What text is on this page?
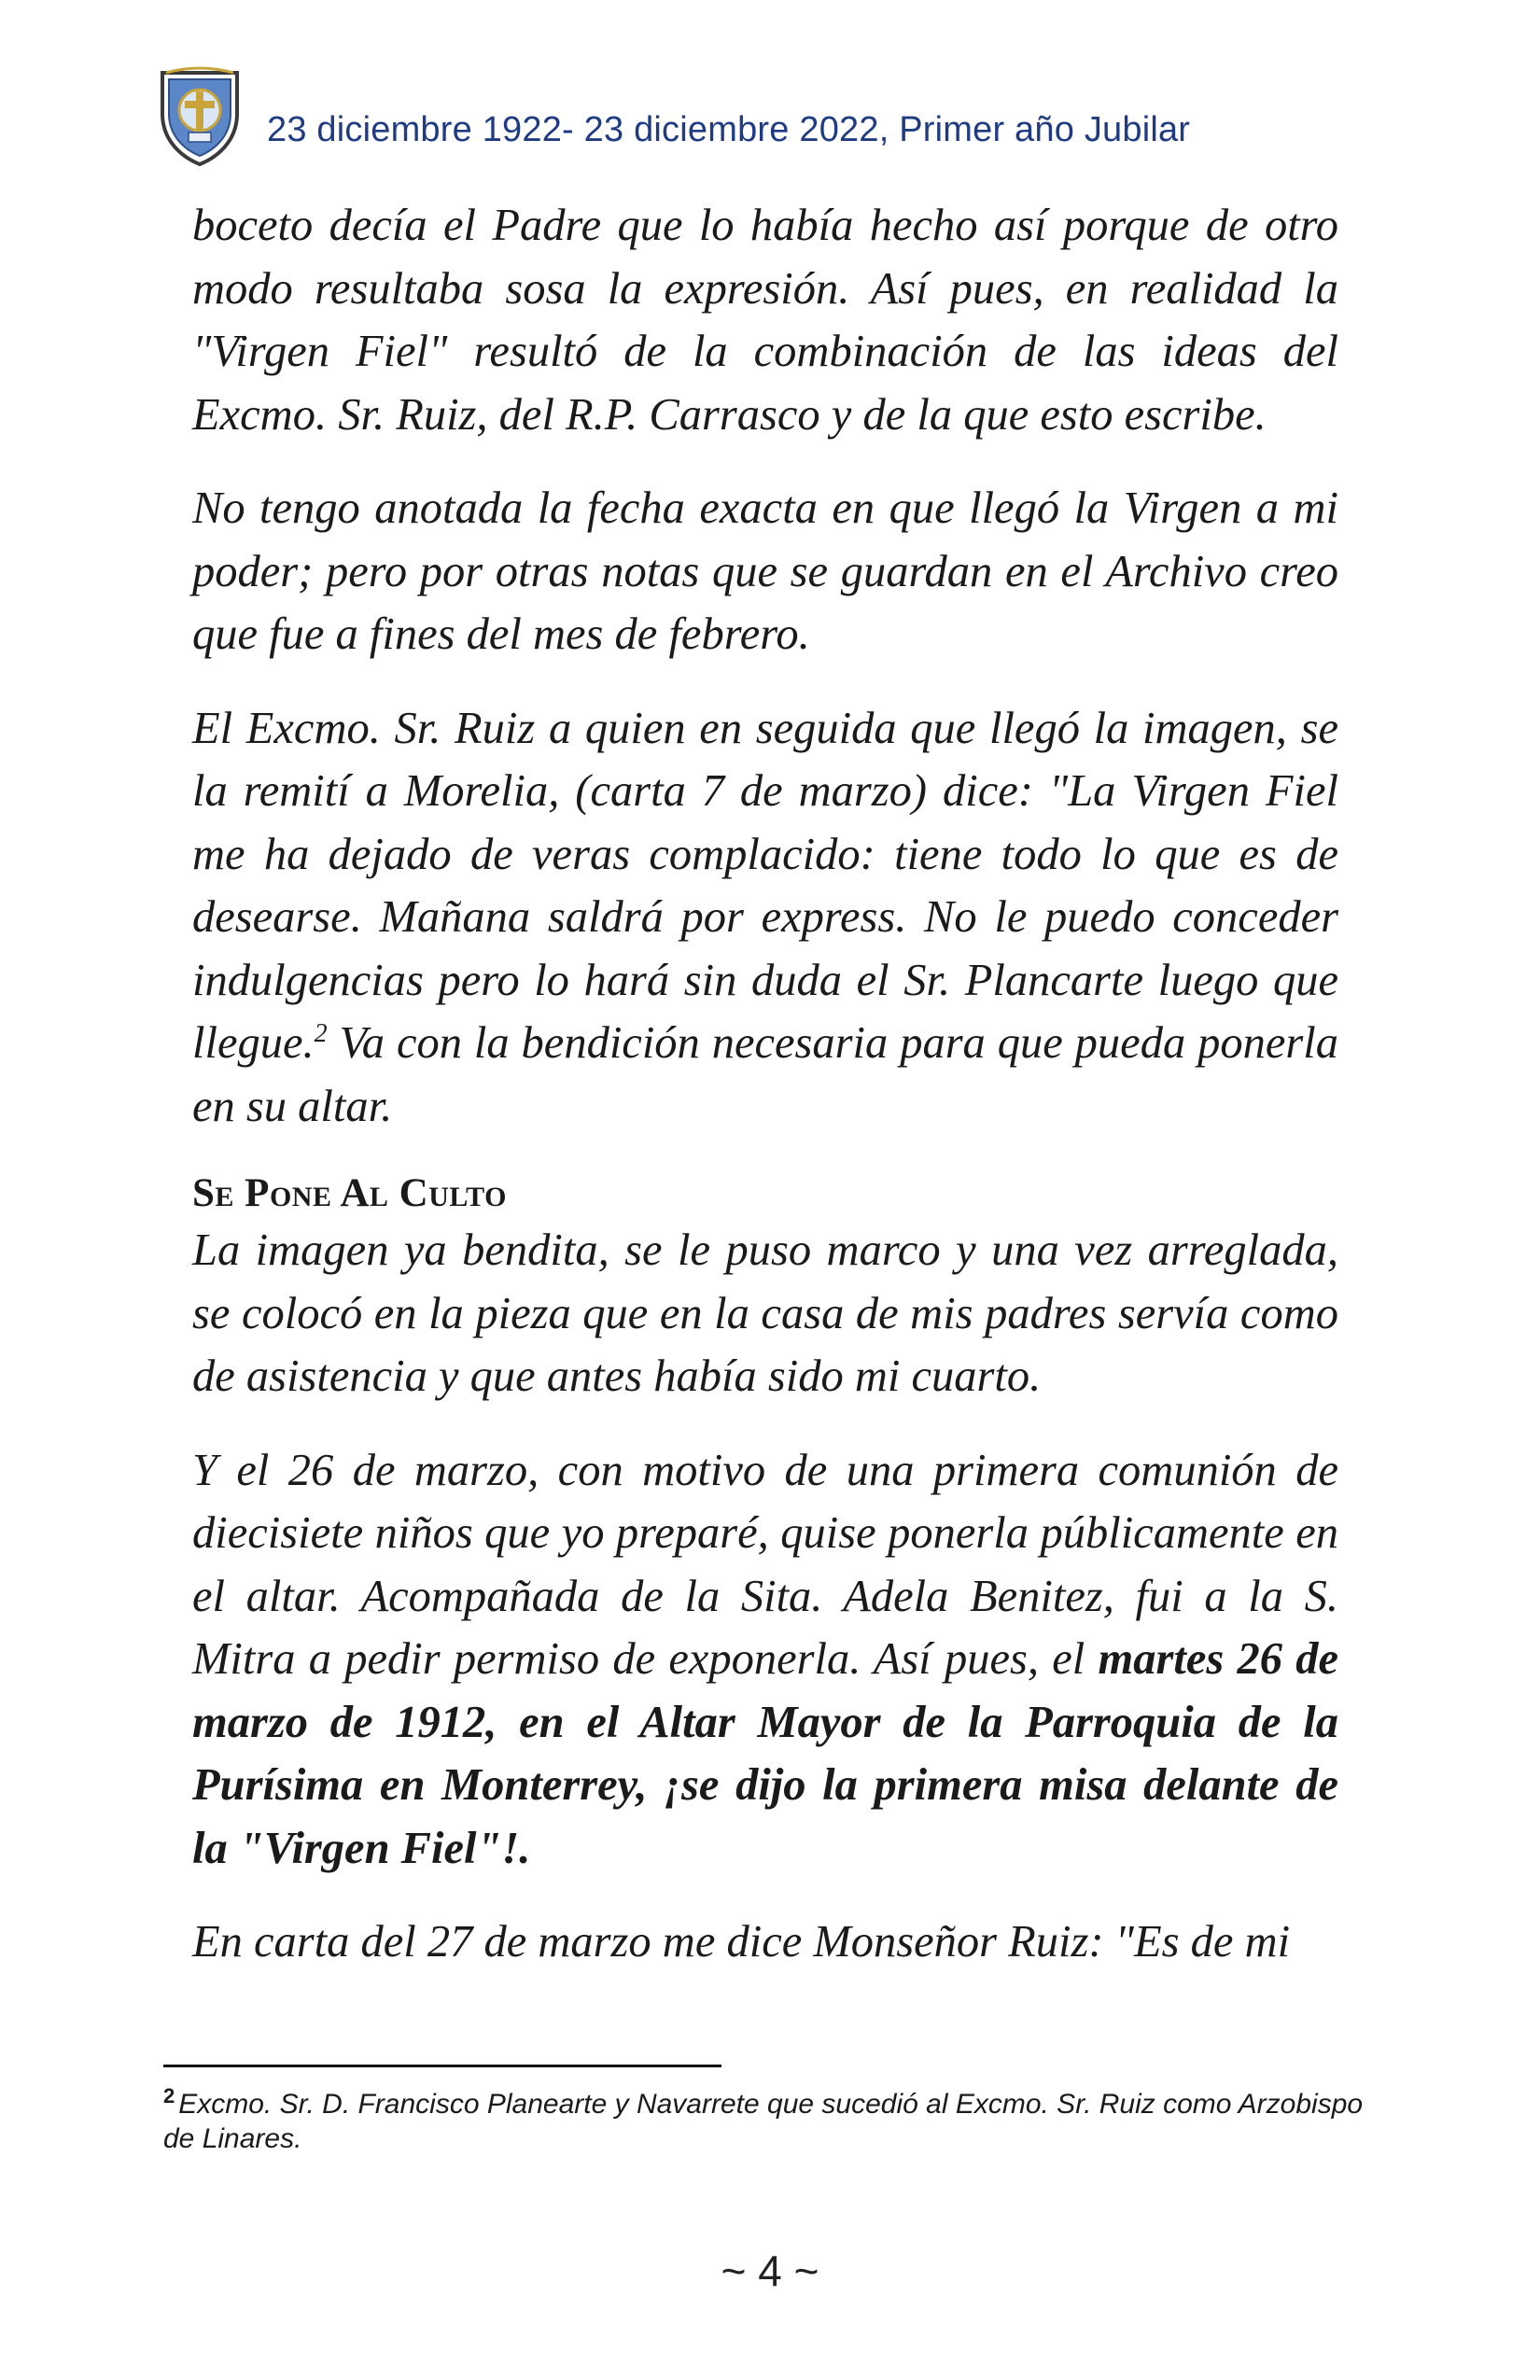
23 diciembre 1922- 23 diciembre 2022, Primer año Jubilar

boceto decía el Padre que lo había hecho así porque de otro modo resultaba sosa la expresión. Así pues, en realidad la "Virgen Fiel" resultó de la combinación de las ideas del Excmo. Sr. Ruiz, del R.P. Carrasco y de la que esto escribe.

No tengo anotada la fecha exacta en que llegó la Virgen a mi poder; pero por otras notas que se guardan en el Archivo creo que fue a fines del mes de febrero.

El Excmo. Sr. Ruiz a quien en seguida que llegó la imagen, se la remití a Morelia, (carta 7 de marzo) dice: "La Virgen Fiel me ha dejado de veras complacido: tiene todo lo que es de desearse. Mañana saldrá por express. No le puedo conceder indulgencias pero lo hará sin duda el Sr. Plancarte luego que llegue.$^2$ Va con la bendición necesaria para que pueda ponerla en su altar.

Se Pone Al Culto

La imagen ya bendita, se le puso marco y una vez arreglada, se colocó en la pieza que en la casa de mis padres servía como de asistencia y que antes había sido mi cuarto.

Y el 26 de marzo, con motivo de una primera comunión de diecisiete niños que yo preparé, quise ponerla públicamente en el altar. Acompañada de la Sita. Adela Benitez, fui a la S. Mitra a pedir permiso de exponerla. Así pues, el martes 26 de marzo de 1912, en el Altar Mayor de la Parroquia de la Purísima en Monterrey, ¡se dijo la primera misa delante de la "Virgen Fiel"!.

En carta del 27 de marzo me dice Monseñor Ruiz: "Es de mi

$^2$ Excmo. Sr. D. Francisco Planearte y Navarrete que sucedió al Excmo. Sr. Ruiz como Arzobispo de Linares.
~ 4 ~
